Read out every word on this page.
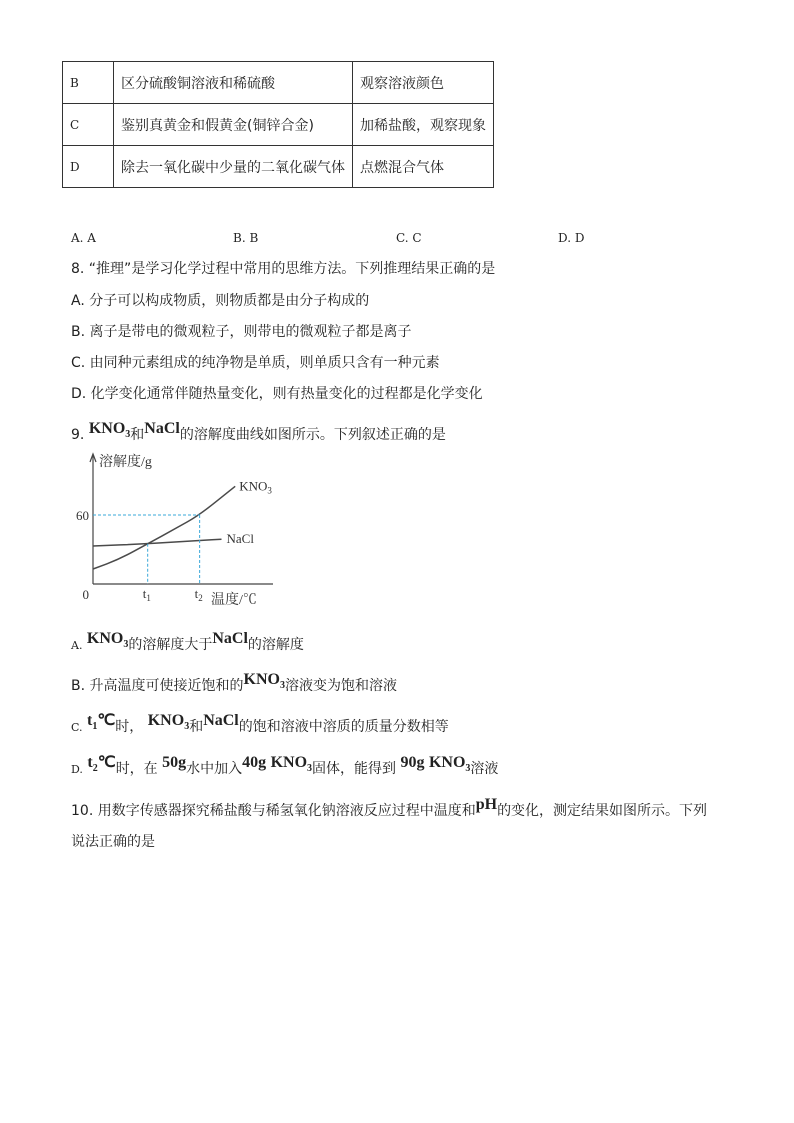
B	区分硫酸铜溶液和稀硫酸	观察溶液颜色
C	鉴别真黄金和假黄金(铜锌合金)	加稀盐酸，观察现象
D	除去一氧化碳中少量的二氧化碳气体	点燃混合气体
A. A	B. B	C. C	D. D
8. “推理”是学习化学过程中常用的思维方法。下列推理结果正确的是
A. 分子可以构成物质，则物质都是由分子构成的
B. 离子是带电的微观粒子，则带电的微观粒子都是离子
C. 由同种元素组成的纯净物是单质，则单质只含有一种元素
D. 化学变化通常伴随热量变化，则有热量变化的过程都是化学变化
9. $KNO_3$和NaCl的溶解度曲线如图所示。下列叙述正确的是
$KNO_3$
NaCl
溶解度/g
60
0	$t_1$	$t_2$ 温度/℃
A. $KNO_3$的溶解度大于NaCl的溶解度
B. 升高温度可使接近饱和的$KNO_3$溶液变为饱和溶液
C. $t_1℃$时， $KNO_3$和NaCl的饱和溶液中溶质的质量分数相等
D. $t_2℃$时，在 50g水中加入40g $KNO_3$固体，能得到 90g $KNO_3$溶液
10. 用数字传感器探究稀盐酸与稀氢氧化钠溶液反应过程中温度和pH的变化，测定结果如图所示。下列
说法正确的是
